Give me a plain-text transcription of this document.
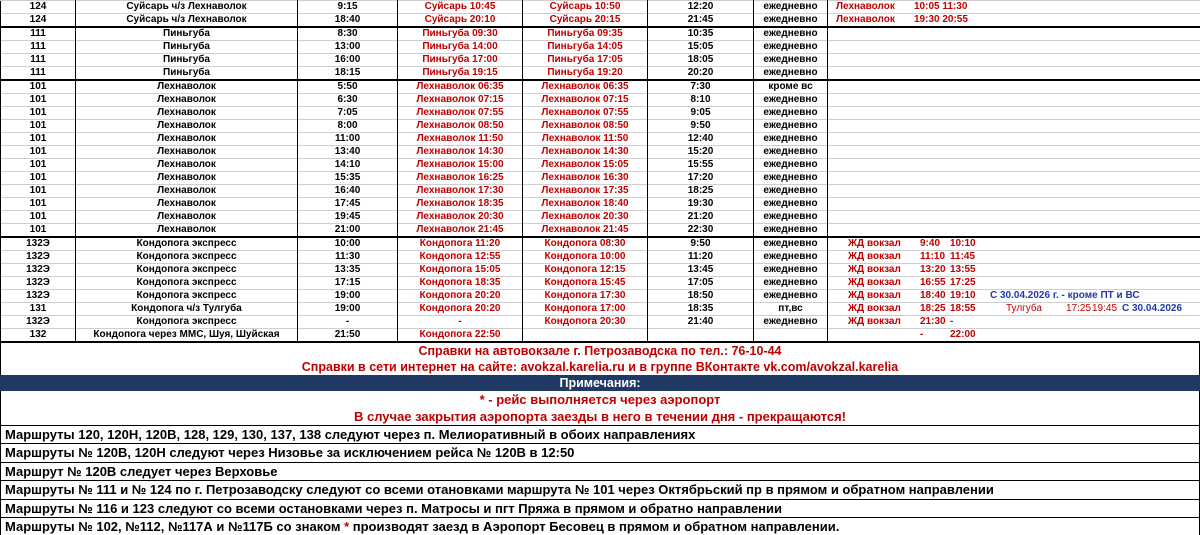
124	Суйсарь ч/з Лехнаволок	9:15	Суйсарь 10:45	Суйсарь 10:50	12:20	ежедневно	Лехнаволок 10:05 11:30
124	Суйсарь ч/з Лехнаволок	18:40	Суйсарь 20:10	Суйсарь 20:15	21:45	ежедневно	Лехнаволок 19:30 20:55
111	Пиньгуба	8:30	Пиньгуба 09:30	Пиньгуба 09:35	10:35	ежедневно	
111	Пиньгуба	13:00	Пиньгуба 14:00	Пиньгуба 14:05	15:05	ежедневно	
111	Пиньгуба	16:00	Пиньгуба 17:00	Пиньгуба 17:05	18:05	ежедневно	
111	Пиньгуба	18:15	Пиньгуба 19:15	Пиньгуба 19:20	20:20	ежедневно	
101	Лехнаволок	5:50	Лехнаволок 06:35	Лехнаволок 06:35	7:30	кроме вс	
101	Лехнаволок	6:30	Лехнаволок 07:15	Лехнаволок 07:15	8:10	ежедневно	
101	Лехнаволок	7:05	Лехнаволок 07:55	Лехнаволок 07:55	9:05	ежедневно	
101	Лехнаволок	8:00	Лехнаволок 08:50	Лехнаволок 08:50	9:50	ежедневно	
101	Лехнаволок	11:00	Лехнаволок 11:50	Лехнаволок 11:50	12:40	ежедневно	
101	Лехнаволок	13:40	Лехнаволок 14:30	Лехнаволок 14:30	15:20	ежедневно	
101	Лехнаволок	14:10	Лехнаволок 15:00	Лехнаволок 15:05	15:55	ежедневно	
101	Лехнаволок	15:35	Лехнаволок 16:25	Лехнаволок 16:30	17:20	ежедневно	
101	Лехнаволок	16:40	Лехнаволок 17:30	Лехнаволок 17:35	18:25	ежедневно	
101	Лехнаволок	17:45	Лехнаволок 18:35	Лехнаволок 18:40	19:30	ежедневно	
101	Лехнаволок	19:45	Лехнаволок 20:30	Лехнаволок 20:30	21:20	ежедневно	
101	Лехнаволок	21:00	Лехнаволок 21:45	Лехнаволок 21:45	22:30	ежедневно	
132Э	Кондопога экспресс	10:00	Кондопога 11:20	Кондопога 08:30	9:50	ежедневно	ЖД вокзал 9:40 10:10
132Э	Кондопога экспресс	11:30	Кондопога 12:55	Кондопога 10:00	11:20	ежедневно	ЖД вокзал 11:10 11:45
132Э	Кондопога экспресс	13:35	Кондопога 15:05	Кондопога 12:15	13:45	ежедневно	ЖД вокзал 13:20 13:55
132Э	Кондопога экспресс	17:15	Кондопога 18:35	Кондопога 15:45	17:05	ежедневно	ЖД вокзал 16:55 17:25
132Э	Кондопога экспресс	19:00	Кондопога 20:20	Кондопога 17:30	18:50	ежедневно	ЖД вокзал 18:40 19:10 С 30.04.2026 г. - кроме ПТ и ВС
131	Кондопога ч/з Тулгуба	19:00	Кондопога 20:20	Кондопога 17:00	18:35	пт,вс	ЖД вокзал 18:25 18:55 Тулгуба 17:2519:45 С 30.04.2026
132Э	Кондопога экспресс	-	-	Кондопога 20:30	21:40	ежедневно	ЖД вокзал 21:30 -
132	Кондопога через ММС, Шуя, Шуйская	21:50	Кондопога 22:50				- 22:00
Справки на автовокзале г. Петрозаводска по тел.: 76-10-44
Справки в сети интернет на сайте: avokzal.karelia.ru и в группе ВКонтакте vk.com/avokzal.karelia
Примечания:
* - рейс выполняется через аэропорт
В случае закрытия аэропорта заезды в него в течении дня - прекращаются!
Маршруты 120, 120Н, 120В, 128, 129, 130, 137, 138 следуют через п. Мелиоративный в обоих направлениях
Маршруты № 120В, 120Н следуют через Низовье за исключением рейса № 120В в 12:50
Маршрут № 120В следует через Верховье
Маршруты № 111 и № 124 по г. Петрозаводску следуют со всеми отановками маршрута № 101 через Октябрьский пр в прямом и обратном направлении
Маршруты № 116 и 123 следуют со всеми остановками через п. Матросы и пгт Пряжа в прямом и обратно направлении
Маршруты № 102, №112, №117А и №117Б со знаком * производят заезд в Аэропорт Бесовец в прямом и обратном направлении.
